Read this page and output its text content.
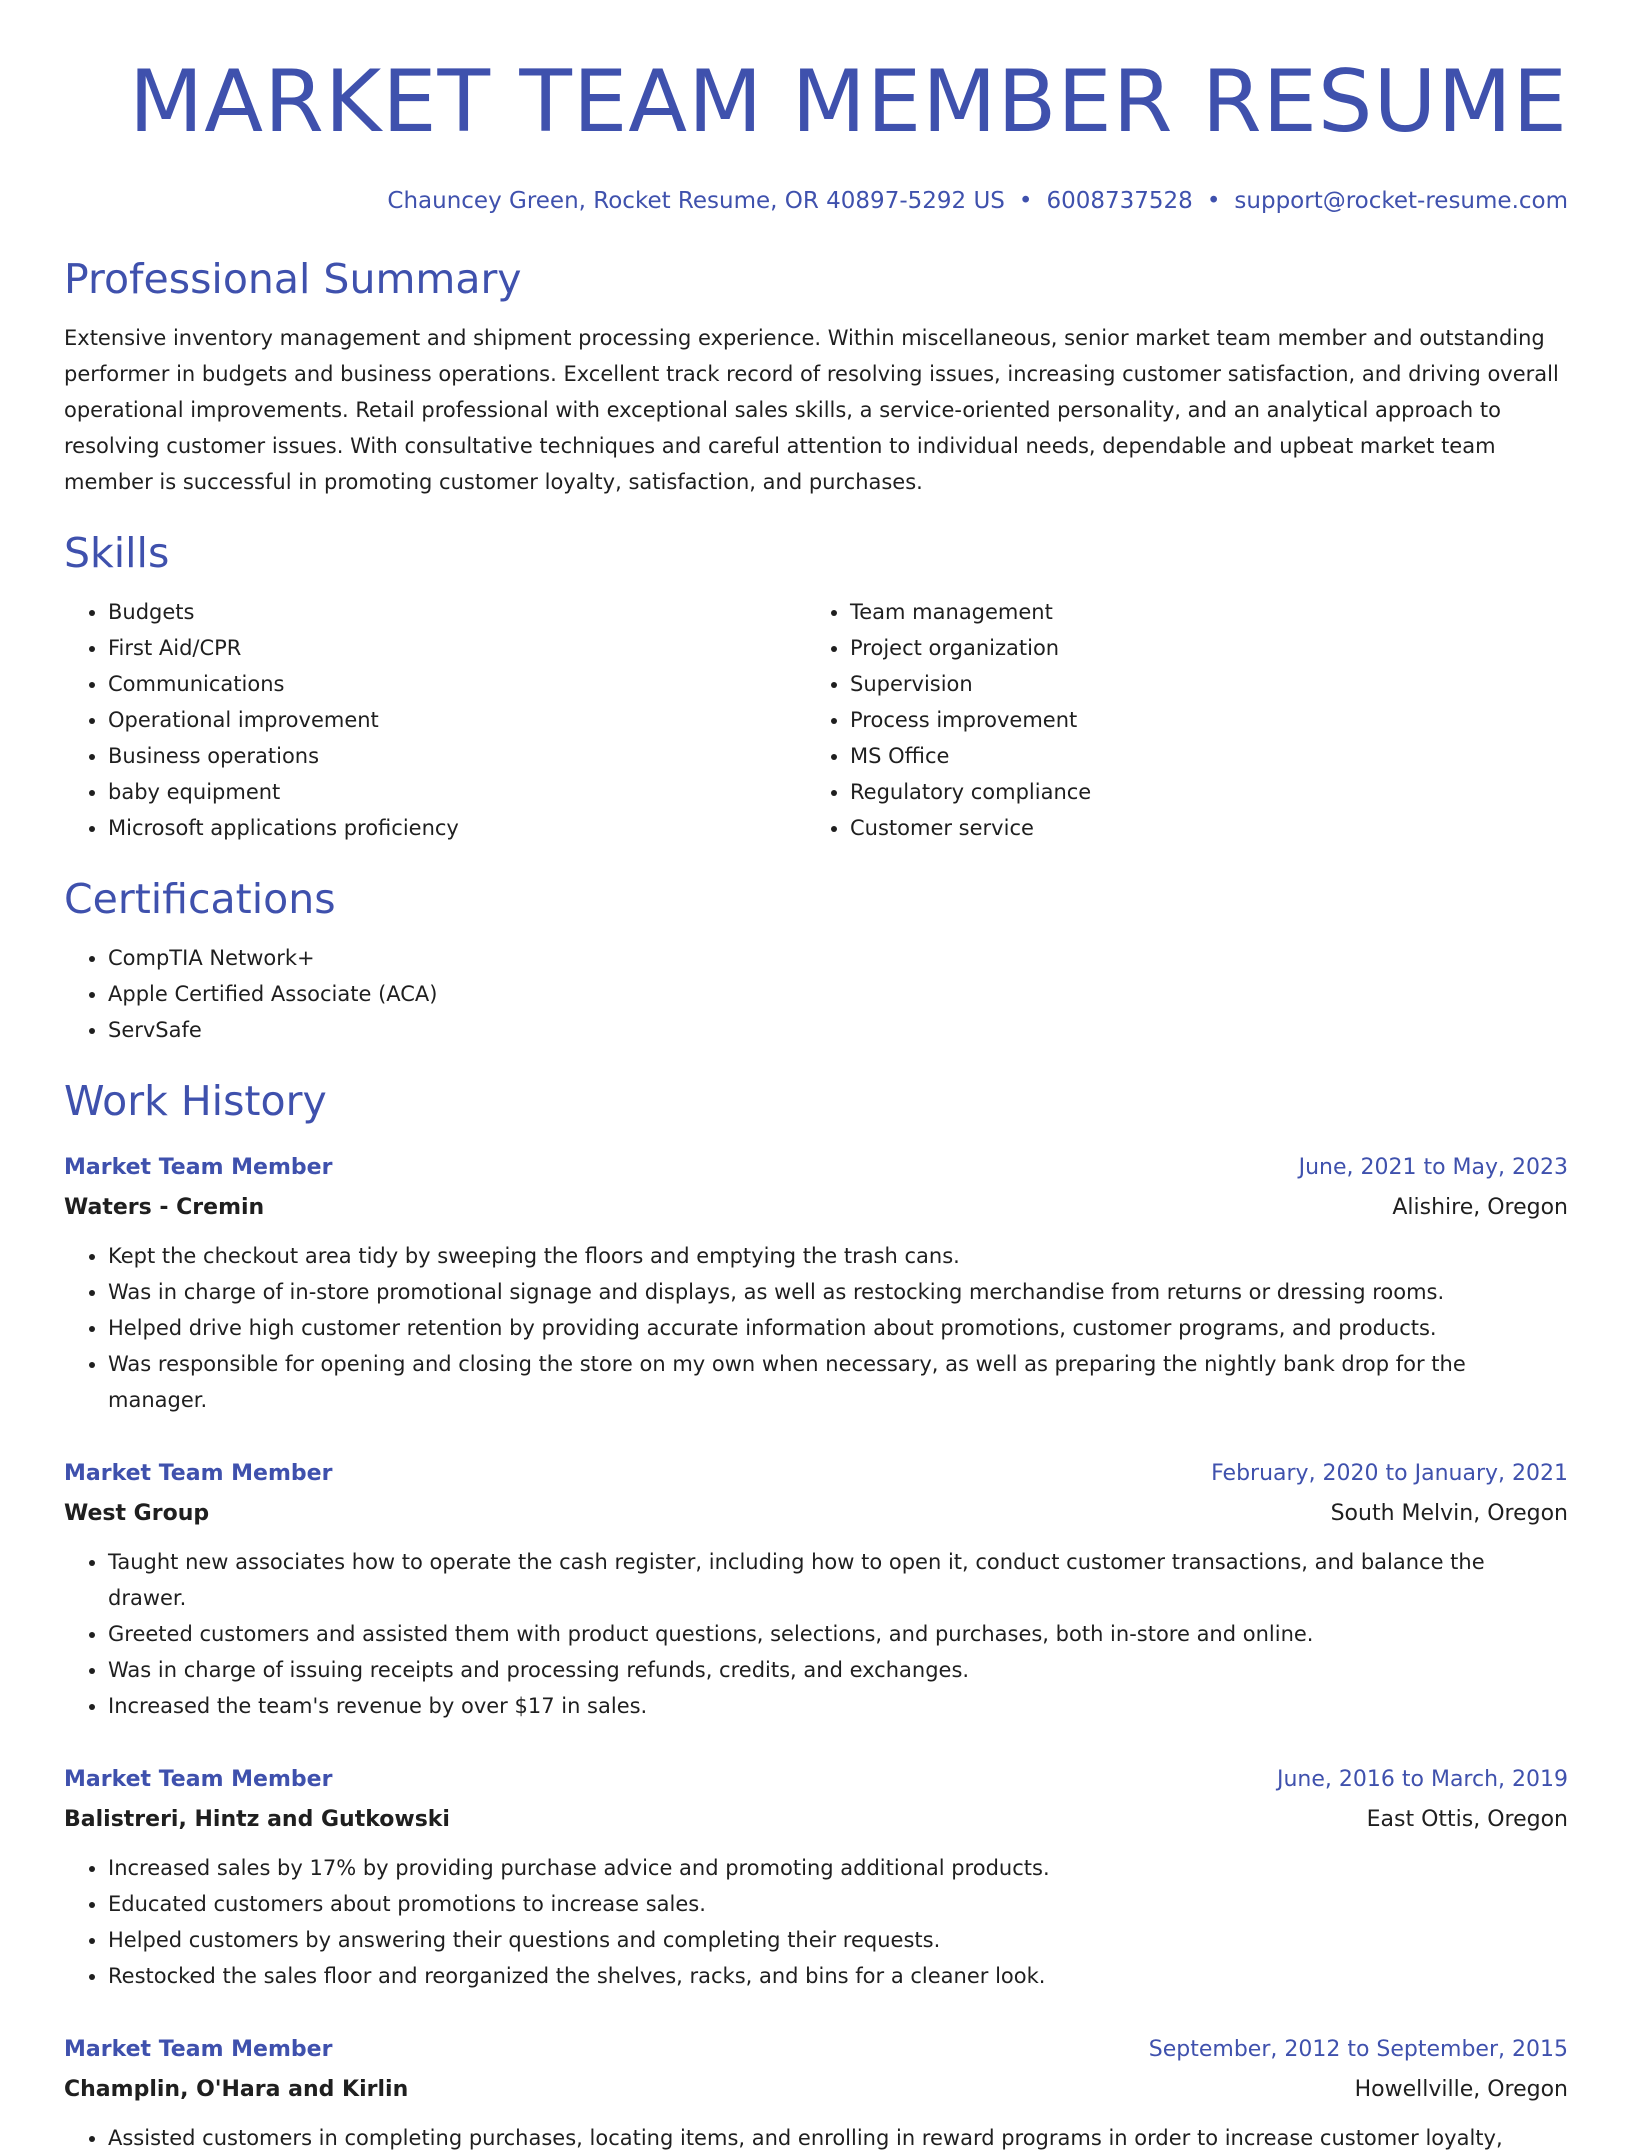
MARKET TEAM MEMBER RESUME
Chauncey Green, Rocket Resume, OR 40897-5292 US • 6008737528 • support@rocket-resume.com
Professional Summary

Extensive inventory management and shipment processing experience. Within miscellaneous, senior market team member and outstanding performer in budgets and business operations. Excellent track record of resolving issues, increasing customer satisfaction, and driving overall operational improvements. Retail professional with exceptional sales skills, a service-oriented personality, and an analytical approach to resolving customer issues. With consultative techniques and careful attention to individual needs, dependable and upbeat market team member is successful in promoting customer loyalty, satisfaction, and purchases.

Skills
• Budgets
• First Aid/CPR
• Communications
• Operational improvement
• Business operations
• baby equipment
• Microsoft applications proficiency
• Team management
• Project organization
• Supervision
• Process improvement
• MS Office
• Regulatory compliance
• Customer service
Certifications
• CompTIA Network+
• Apple Certified Associate (ACA)
• ServSafe
Work History
Market Team Member	June, 2021 to May, 2023
Waters - Cremin	Alishire, Oregon
• Kept the checkout area tidy by sweeping the floors and emptying the trash cans.
• Was in charge of in-store promotional signage and displays, as well as restocking merchandise from returns or dressing rooms.
• Helped drive high customer retention by providing accurate information about promotions, customer programs, and products.
• Was responsible for opening and closing the store on my own when necessary, as well as preparing the nightly bank drop for the manager.
Market Team Member	February, 2020 to January, 2021
West Group	South Melvin, Oregon
• Taught new associates how to operate the cash register, including how to open it, conduct customer transactions, and balance the drawer.
• Greeted customers and assisted them with product questions, selections, and purchases, both in-store and online.
• Was in charge of issuing receipts and processing refunds, credits, and exchanges.
• Increased the team's revenue by over $17 in sales.
Market Team Member	June, 2016 to March, 2019
Balistreri, Hintz and Gutkowski	East Ottis, Oregon
• Increased sales by 17% by providing purchase advice and promoting additional products.
• Educated customers about promotions to increase sales.
• Helped customers by answering their questions and completing their requests.
• Restocked the sales floor and reorganized the shelves, racks, and bins for a cleaner look.
Market Team Member	September, 2012 to September, 2015
Champlin, O'Hara and Kirlin	Howellville, Oregon
• Assisted customers in completing purchases, locating items, and enrolling in reward programs in order to increase customer loyalty,
